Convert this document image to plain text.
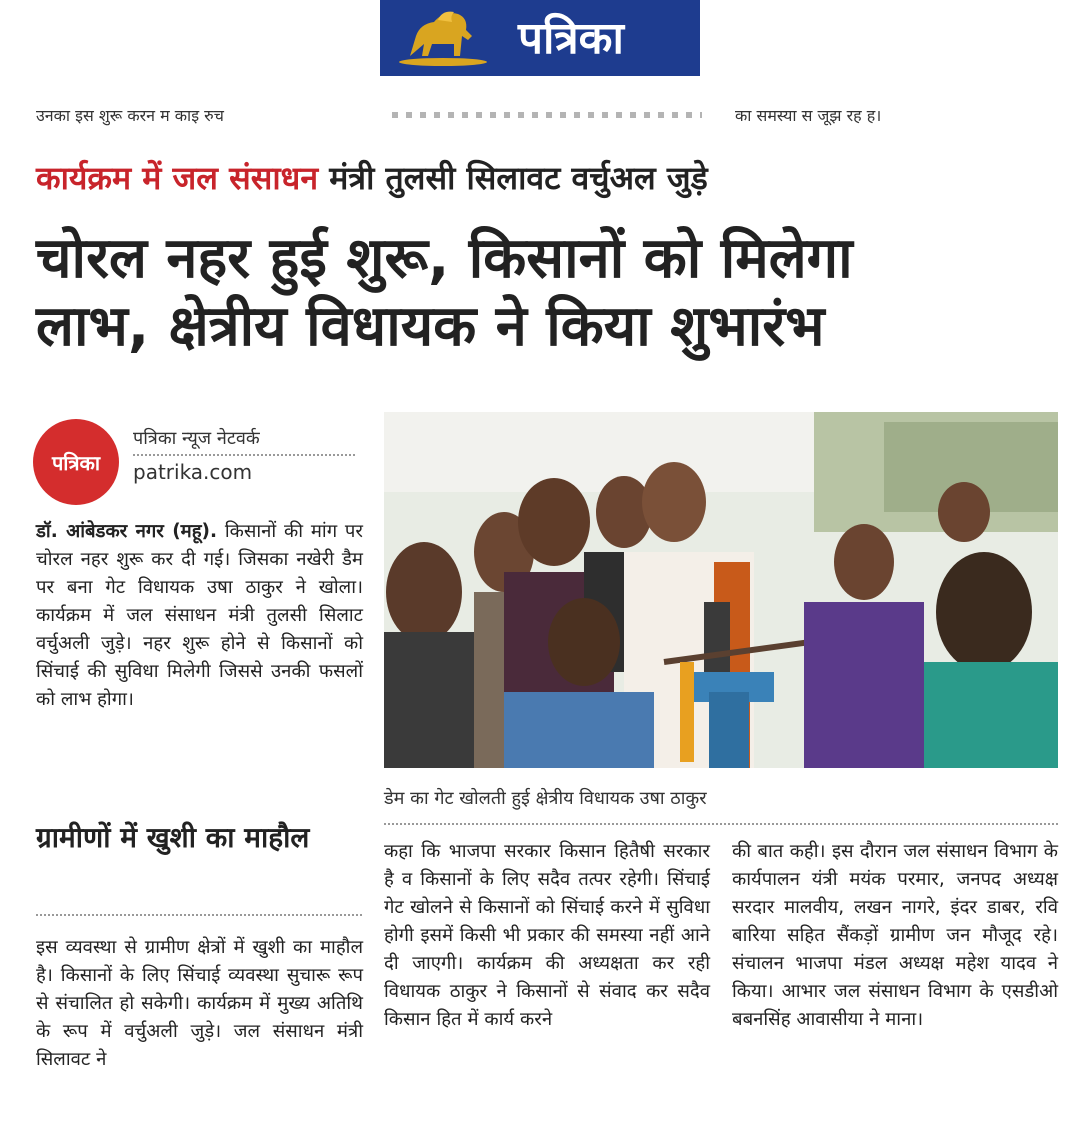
पत्रिका
उनका इस शुरू करन म काइ रुच	का समस्या स जूझ रह ह।
कार्यक्रम में जल संसाधन मंत्री तुलसी सिलावट वर्चुअल जुड़े
चोरल नहर हुई शुरू, किसानों को मिलेगा
लाभ, क्षेत्रीय विधायक ने किया शुभारंभ
पत्रिका
पत्रिका न्यूज नेटवर्क
patrika.com

डॉ. आंबेडकर नगर (महू). किसानों की मांग पर चोरल नहर शुरू कर दी गई। जिसका नखेरी डैम पर बना गेट विधायक उषा ठाकुर ने खोला। कार्यक्रम में जल संसाधन मंत्री तुलसी सिलाट वर्चुअली जुड़े। नहर शुरू होने से किसानों को सिंचाई की सुविधा मिलेगी जिससे उनकी फसलों को लाभ होगा।

ग्रामीणों में खुशी का माहौल
इस व्यवस्था से ग्रामीण क्षेत्रों में खुशी का माहौल है। किसानों के लिए सिंचाई व्यवस्था सुचारू रूप से संचालित हो सकेगी। कार्यक्रम में मुख्य अतिथि के रूप में वर्चुअली जुड़े। जल संसाधन मंत्री सिलावट ने
डेम का गेट खोलती हुई क्षेत्रीय विधायक उषा ठाकुर
कहा कि भाजपा सरकार किसान हितैषी सरकार है व किसानों के लिए सदैव तत्पर रहेगी। सिंचाई गेट खोलने से किसानों को सिंचाई करने में सुविधा होगी इसमें किसी भी प्रकार की समस्या नहीं आने दी जाएगी। कार्यक्रम की अध्यक्षता कर रही विधायक ठाकुर ने किसानों से संवाद कर सदैव किसान हित में कार्य करने
की बात कही। इस दौरान जल संसाधन विभाग के कार्यपालन यंत्री मयंक परमार, जनपद अध्यक्ष सरदार मालवीय, लखन नागरे, इंदर डाबर, रवि बारिया सहित सैंकड़ों ग्रामीण जन मौजूद रहे। संचालन भाजपा मंडल अध्यक्ष महेश यादव ने किया। आभार जल संसाधन विभाग के एसडीओ बबनसिंह आवासीया ने माना।
